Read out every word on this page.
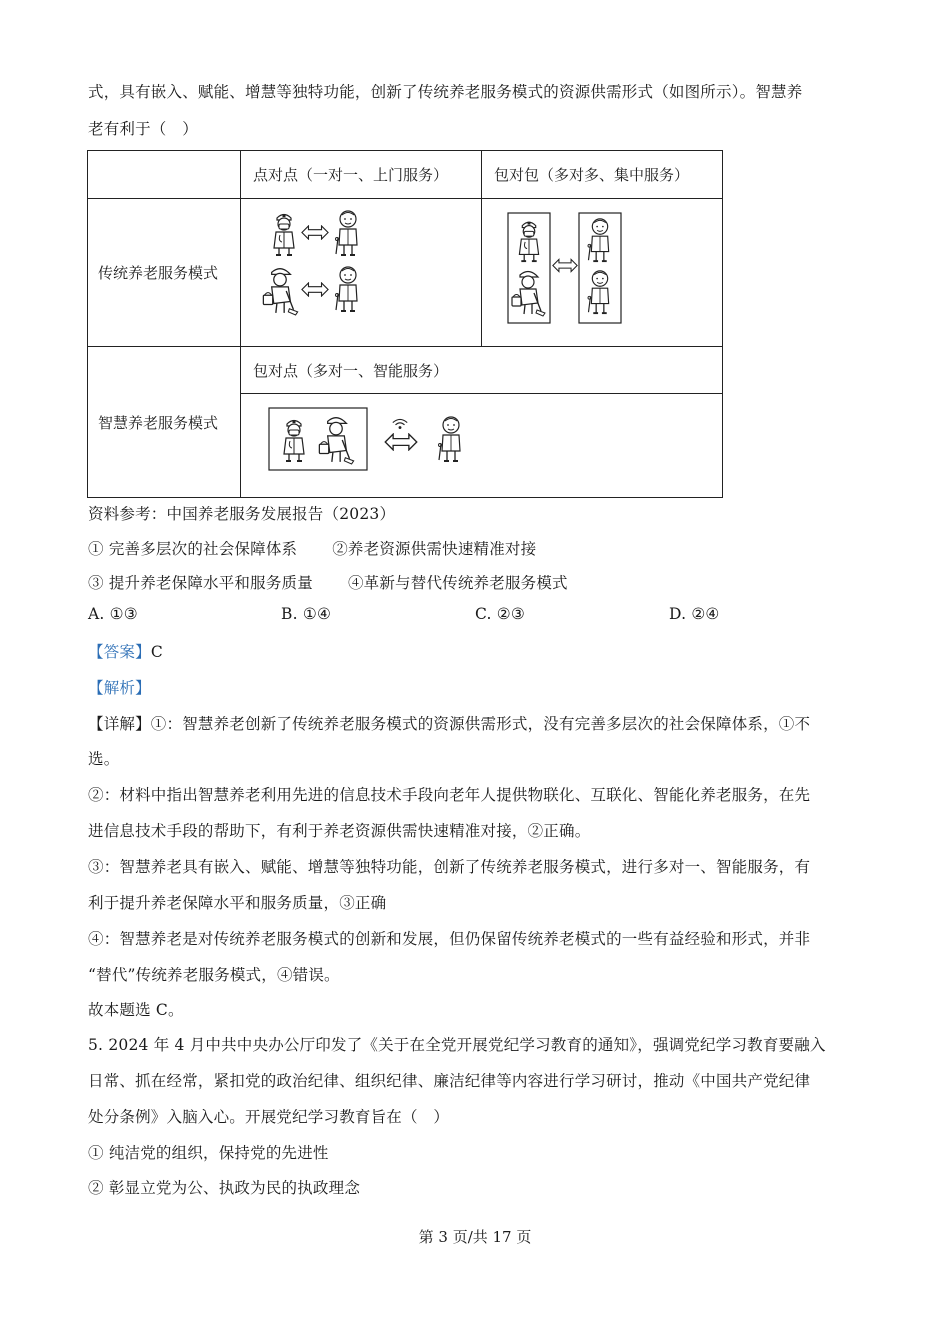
式，具有嵌入、赋能、增慧等独特功能，创新了传统养老服务模式的资源供需形式（如图所示）。智慧养
老有利于（　）
	点对点（一对一、上门服务）	包对包（多对多、集中服务）
传统养老服务模式	

智慧养老服务模式	包对点（多对一、智能服务）	

资料参考：中国养老服务发展报告（2023）
① 完善多层次的社会保障体系 ②养老资源供需快速精准对接
③ 提升养老保障水平和服务质量 ④革新与替代传统养老服务模式
A. ①③	B. ①④	C. ②③	D. ②④
【答案】C
【解析】
【详解】①：智慧养老创新了传统养老服务模式的资源供需形式，没有完善多层次的社会保障体系，①不
选。
②：材料中指出智慧养老利用先进的信息技术手段向老年人提供物联化、互联化、智能化养老服务，在先
进信息技术手段的帮助下，有利于养老资源供需快速精准对接，②正确。
③：智慧养老具有嵌入、赋能、增慧等独特功能，创新了传统养老服务模式，进行多对一、智能服务，有
利于提升养老保障水平和服务质量，③正确
④：智慧养老是对传统养老服务模式的创新和发展，但仍保留传统养老模式的一些有益经验和形式，并非
“替代”传统养老服务模式，④错误。
故本题选 C。
5. 2024 年 4 月中共中央办公厅印发了《关于在全党开展党纪学习教育的通知》，强调党纪学习教育要融入
日常、抓在经常，紧扣党的政治纪律、组织纪律、廉洁纪律等内容进行学习研讨，推动《中国共产党纪律
处分条例》入脑入心。开展党纪学习教育旨在（　）
① 纯洁党的组织，保持党的先进性
② 彰显立党为公、执政为民的执政理念
第 3 页/共 17 页
